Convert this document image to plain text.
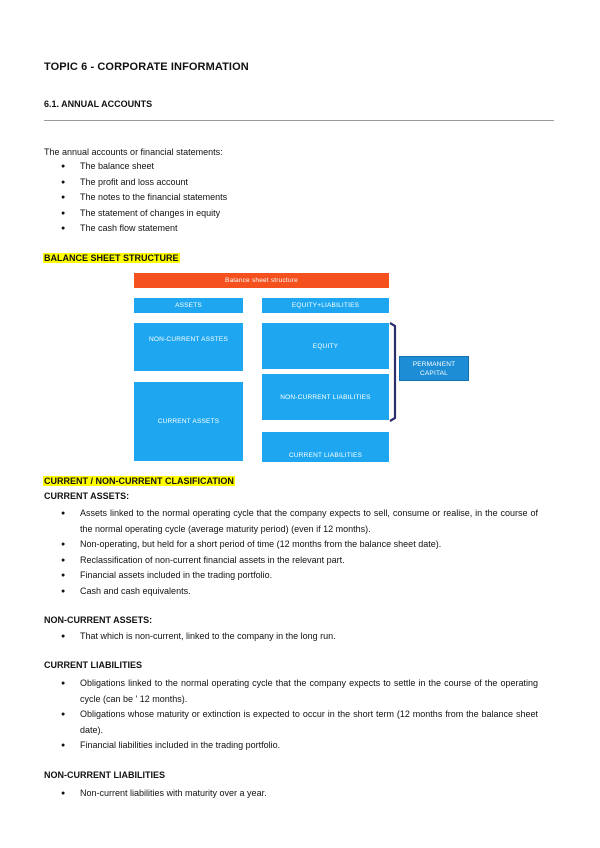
TOPIC 6 - CORPORATE INFORMATION
6.1. ANNUAL ACCOUNTS
The annual accounts or financial statements:
● The balance sheet
● The profit and loss account
● The notes to the financial statements
● The statement of changes in equity
● The cash flow statement
BALANCE SHEET STRUCTURE
Balance sheet structure
ASSETS	EQUITY+LIABILITIES
NON-CURRENT ASSTES
CURRENT ASSETS
EQUITY
NON-CURRENT LIABILITIES
CURRENT LIABILITIES
PERMANENT
CAPITAL
CURRENT / NON-CURRENT CLASIFICATION
CURRENT ASSETS:
● Assets linked to the normal operating cycle that the company expects to sell, consume or realise, in the course of the normal operating cycle (average maturity period) (even if 12 months).
● Non-operating, but held for a short period of time (12 months from the balance sheet date).
● Reclassification of non-current financial assets in the relevant part.
● Financial assets included in the trading portfolio.
● Cash and cash equivalents.
NON-CURRENT ASSETS:
● That which is non-current, linked to the company in the long run.
CURRENT LIABILITIES
● Obligations linked to the normal operating cycle that the company expects to settle in the course of the operating cycle (can be ' 12 months).
● Obligations whose maturity or extinction is expected to occur in the short term (12 months from the balance sheet date).
● Financial liabilities included in the trading portfolio.
NON-CURRENT LIABILITIES
● Non-current liabilities with maturity over a year.
